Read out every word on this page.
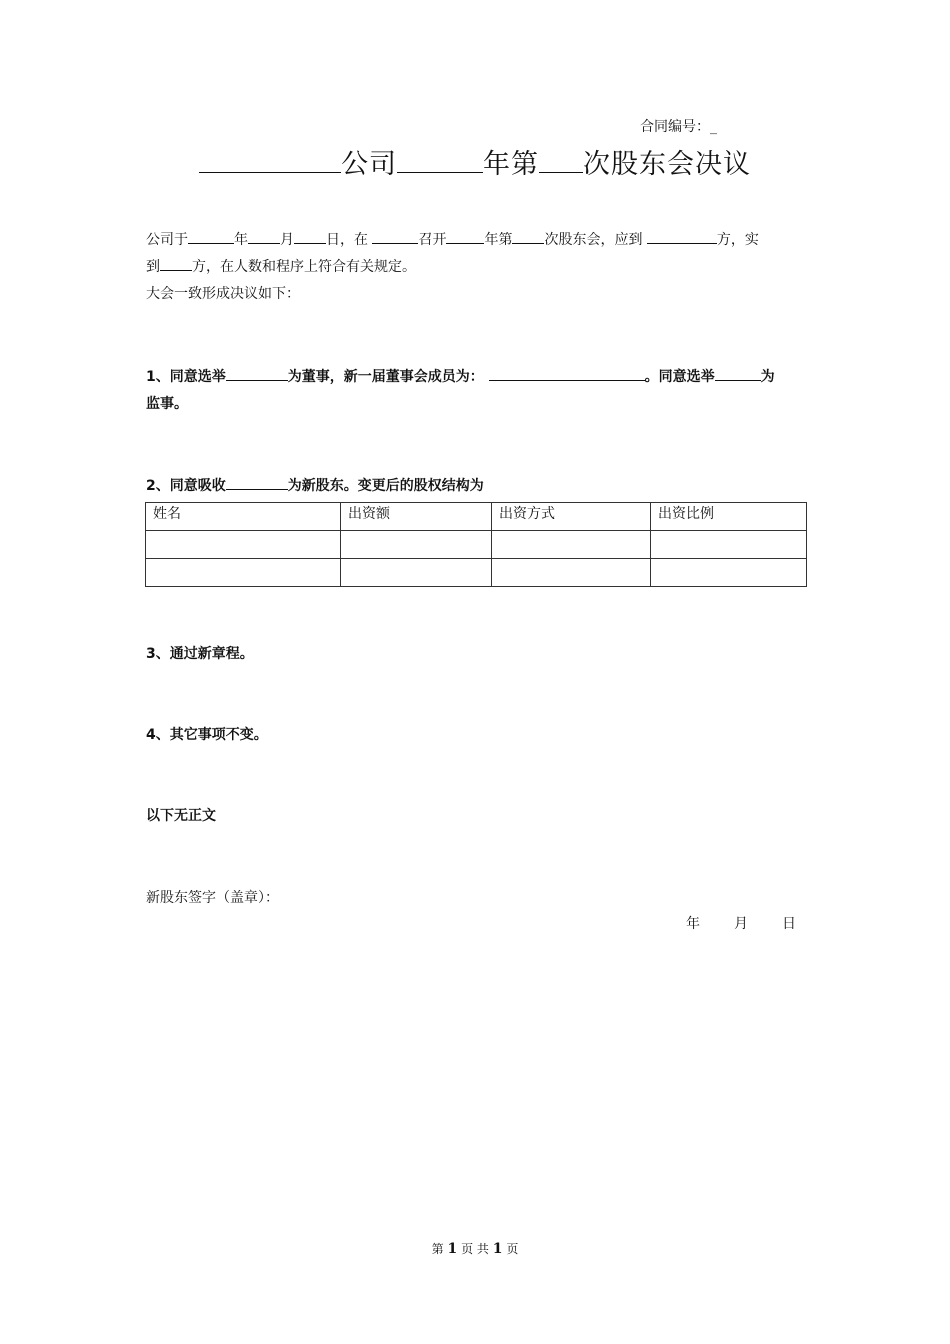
合同编号：_
公司	年第 次股东会决议
公司于	年 月 日，在	召开	年第 次股东会，应到	方，实
到 方，在人数和程序上符合有关规定。
大会一致形成决议如下：
1、同意选举	为董事，新一届董事会成员为：	。同意选举	为
监事。
2、同意吸收	为新股东。变更后的股权结构为
姓名	出资额	出资方式	出资比例

3、通过新章程。
4、其它事项不变。
以下无正文
新股东签字（盖章）：
年 月 日
第 1 页 共 1 页
